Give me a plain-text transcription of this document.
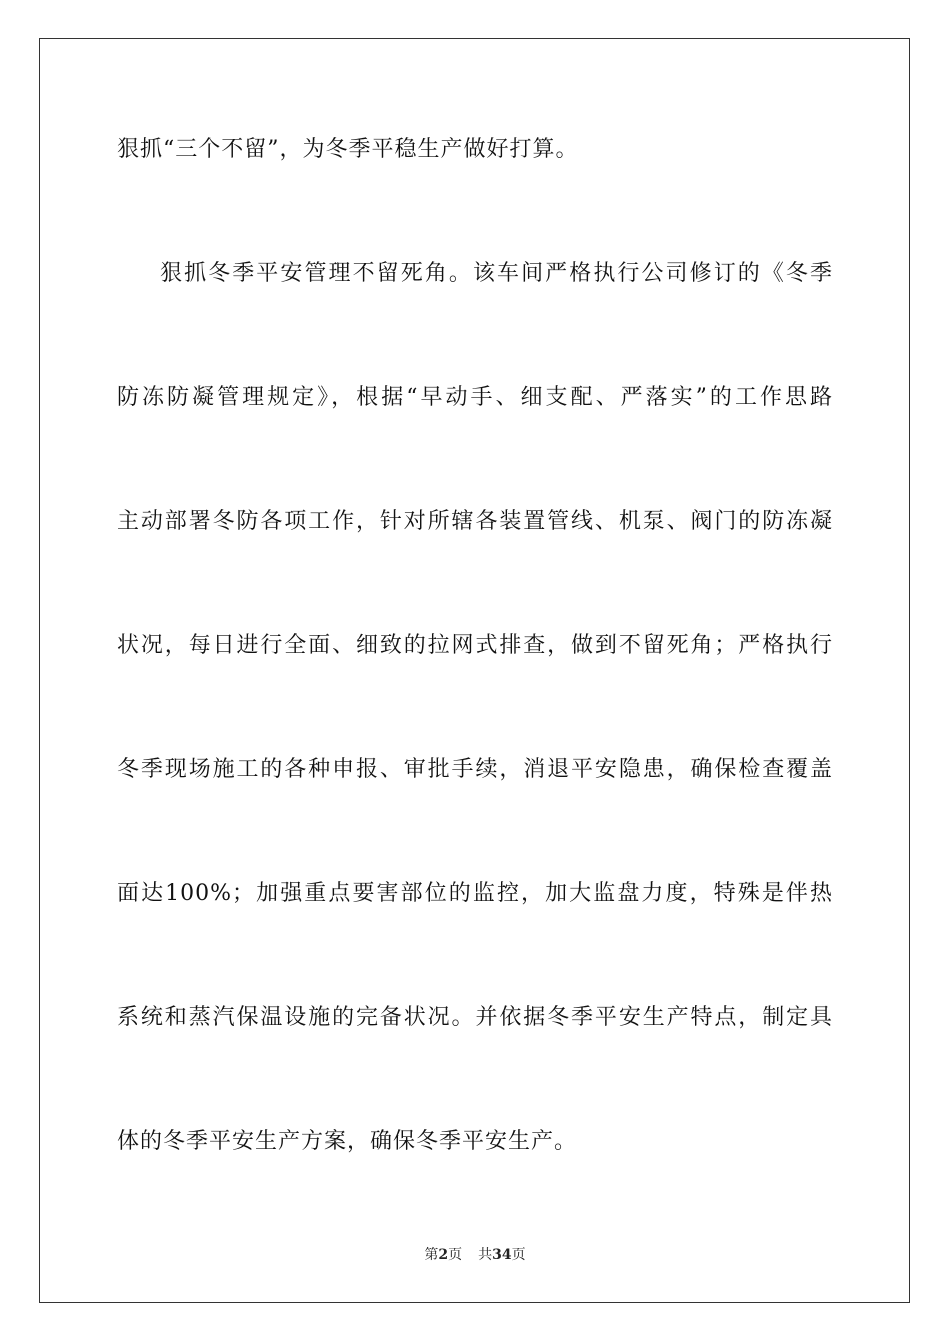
狠抓“三个不留”，为冬季平稳生产做好打算。
狠抓冬季平安管理不留死角。该车间严格执行公司修订的《冬季
防冻防凝管理规定》，根据“早动手、细支配、严落实”的工作思路
主动部署冬防各项工作，针对所辖各装置管线、机泵、阀门的防冻凝
状况，每日进行全面、细致的拉网式排查，做到不留死角；严格执行
冬季现场施工的各种申报、审批手续，消退平安隐患，确保检查覆盖
面达100%；加强重点要害部位的监控，加大监盘力度，特殊是伴热
系统和蒸汽保温设施的完备状况。并依据冬季平安生产特点，制定具
体的冬季平安生产方案，确保冬季平安生产。
第2页 共34页
